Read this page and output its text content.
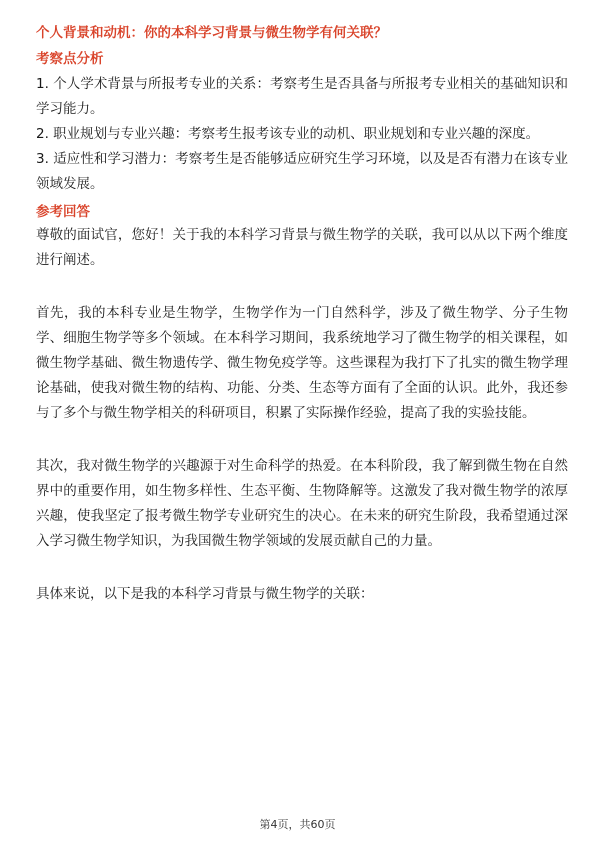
个人背景和动机：你的本科学习背景与微生物学有何关联？

考察点分析

1. 个人学术背景与所报考专业的关系：考察考生是否具备与所报考专业相关的基础知识和学习能力。

2. 职业规划与专业兴趣：考察考生报考该专业的动机、职业规划和专业兴趣的深度。

3. 适应性和学习潜力：考察考生是否能够适应研究生学习环境，以及是否有潜力在该专业领域发展。

参考回答

尊敬的面试官，您好！关于我的本科学习背景与微生物学的关联，我可以从以下两个维度进行阐述。

首先，我的本科专业是生物学，生物学作为一门自然科学，涉及了微生物学、分子生物学、细胞生物学等多个领域。在本科学习期间，我系统地学习了微生物学的相关课程，如微生物学基础、微生物遗传学、微生物免疫学等。这些课程为我打下了扎实的微生物学理论基础，使我对微生物的结构、功能、分类、生态等方面有了全面的认识。此外，我还参与了多个与微生物学相关的科研项目，积累了实际操作经验，提高了我的实验技能。

其次，我对微生物学的兴趣源于对生命科学的热爱。在本科阶段，我了解到微生物在自然界中的重要作用，如生物多样性、生态平衡、生物降解等。这激发了我对微生物学的浓厚兴趣，使我坚定了报考微生物学专业研究生的决心。在未来的研究生阶段，我希望通过深入学习微生物学知识，为我国微生物学领域的发展贡献自己的力量。

具体来说，以下是我的本科学习背景与微生物学的关联：

第4页，共60页
